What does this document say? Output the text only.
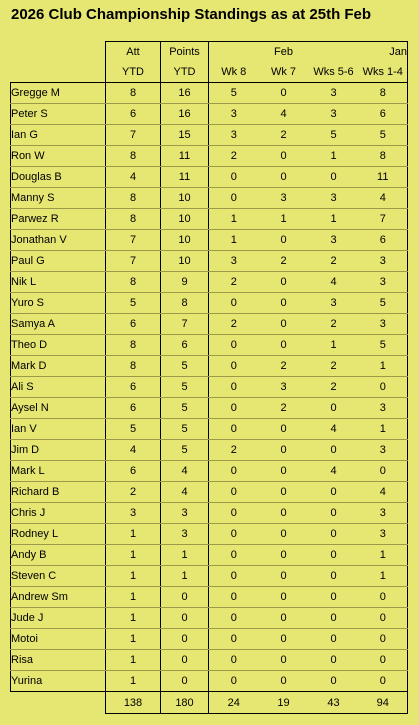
2026 Club Championship Standings as at 25th Feb
	Att	Points		Feb		Jan
	YTD	YTD	Wk 8	Wk 7	Wks 5-6	Wks 1-4
Gregge M	8	16	5	0	3	8
Peter S	6	16	3	4	3	6
Ian G	7	15	3	2	5	5
Ron W	8	11	2	0	1	8
Douglas B	4	11	0	0	0	11
Manny S	8	10	0	3	3	4
Parwez R	8	10	1	1	1	7
Jonathan V	7	10	1	0	3	6
Paul G	7	10	3	2	2	3
Nik L	8	9	2	0	4	3
Yuro S	5	8	0	0	3	5
Samya A	6	7	2	0	2	3
Theo D	8	6	0	0	1	5
Mark D	8	5	0	2	2	1
Ali S	6	5	0	3	2	0
Aysel N	6	5	0	2	0	3
Ian V	5	5	0	0	4	1
Jim D	4	5	2	0	0	3
Mark L	6	4	0	0	4	0
Richard B	2	4	0	0	0	4
Chris J	3	3	0	0	0	3
Rodney L	1	3	0	0	0	3
Andy B	1	1	0	0	0	1
Steven C	1	1	0	0	0	1
Andrew Sm	1	0	0	0	0	0
Jude J	1	0	0	0	0	0
Motoi	1	0	0	0	0	0
Risa	1	0	0	0	0	0
Yurina	1	0	0	0	0	0
	138	180	24	19	43	94
